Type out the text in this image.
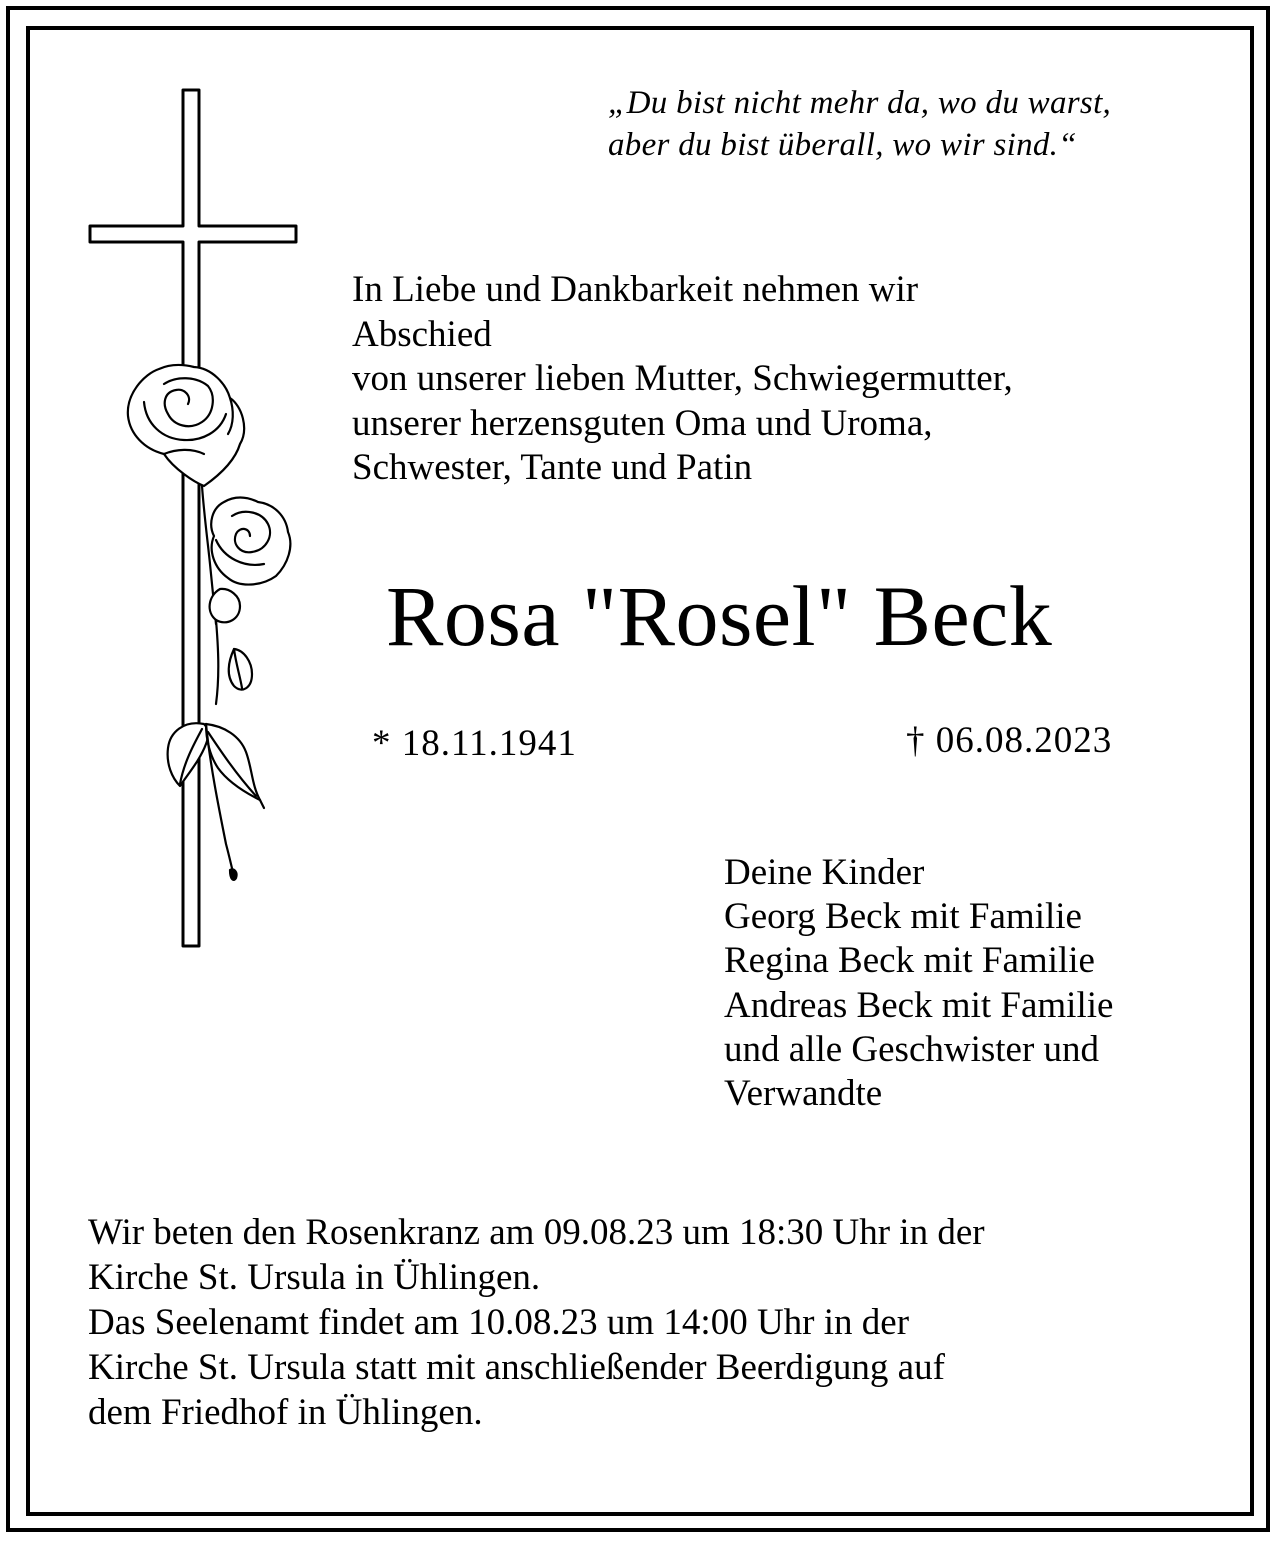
„Du bist nicht mehr da, wo du warst,
aber du bist überall, wo wir sind.“
In Liebe und Dankbarkeit nehmen wir
Abschied
von unserer lieben Mutter, Schwiegermutter,
unserer herzensguten Oma und Uroma,
Schwester, Tante und Patin
Rosa "Rosel" Beck
* 18.11.1941	† 06.08.2023
Deine Kinder
Georg Beck mit Familie
Regina Beck mit Familie
Andreas Beck mit Familie
und alle Geschwister und
Verwandte
Wir beten den Rosenkranz am 09.08.23 um 18:30 Uhr in der
Kirche St. Ursula in Ühlingen.
Das Seelenamt findet am 10.08.23 um 14:00 Uhr in der
Kirche St. Ursula statt mit anschließender Beerdigung auf
dem Friedhof in Ühlingen.
